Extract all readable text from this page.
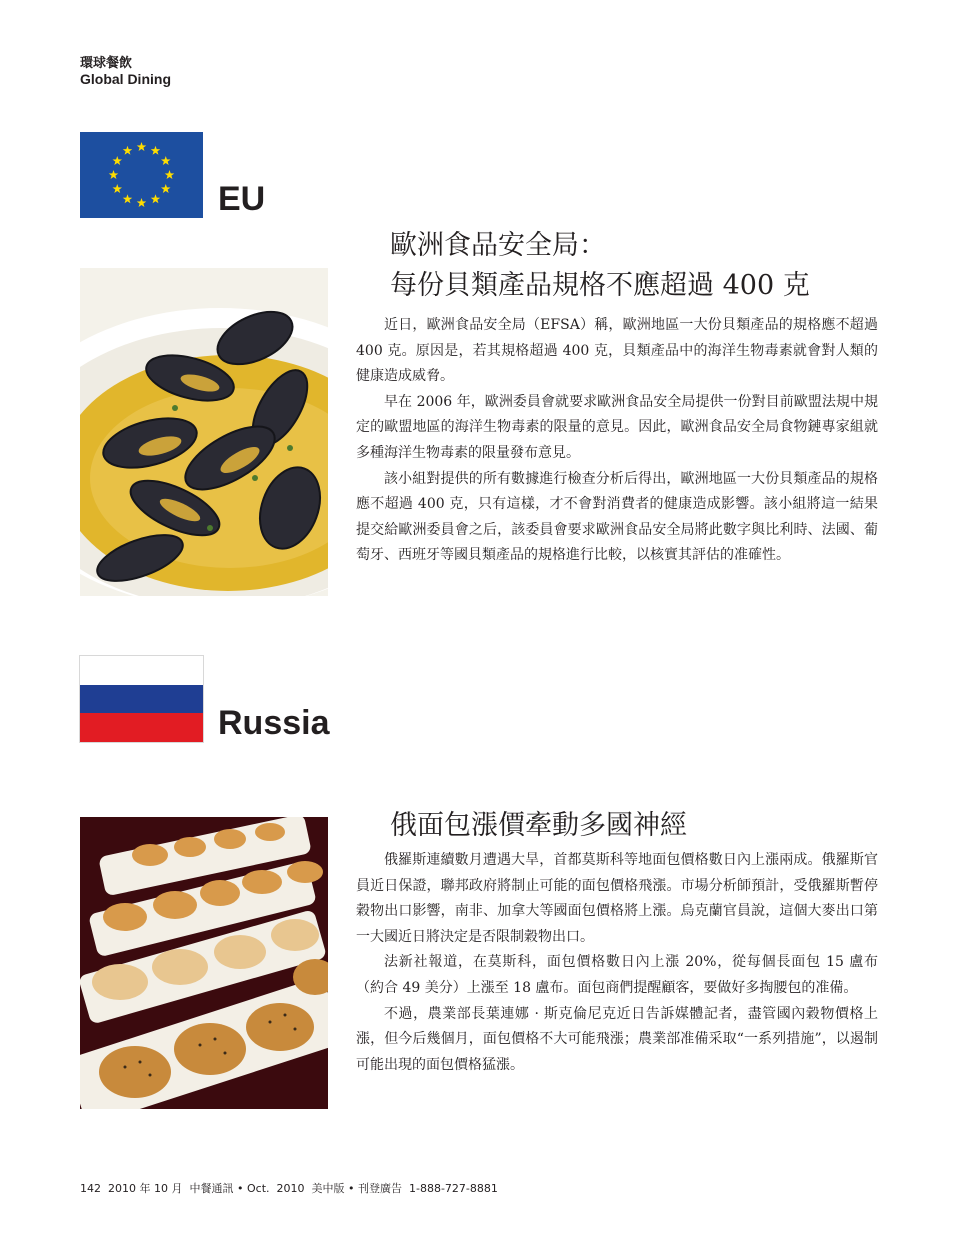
環球餐飲
Global Dining
EU
歐洲食品安全局：
每份貝類產品規格不應超過 400 克

近日，歐洲食品安全局（EFSA）稱，歐洲地區一大份貝類產品的規格應不超過 400 克。原因是，若其規格超過 400 克，貝類產品中的海洋生物毒素就會對人類的健康造成威脅。

早在 2006 年，歐洲委員會就要求歐洲食品安全局提供一份對目前歐盟法規中規定的歐盟地區的海洋生物毒素的限量的意見。因此，歐洲食品安全局食物鏈專家組就多種海洋生物毒素的限量發布意見。

該小組對提供的所有數據進行檢查分析后得出，歐洲地區一大份貝類產品的規格應不超過 400 克，只有這樣，才不會對消費者的健康造成影響。該小組將這一結果提交給歐洲委員會之后，該委員會要求歐洲食品安全局將此數字與比利時、法國、葡萄牙、西班牙等國貝類產品的規格進行比較，以核實其評估的准確性。

Russia
俄面包漲價牽動多國神經

俄羅斯連續數月遭遇大旱，首都莫斯科等地面包價格數日內上漲兩成。俄羅斯官員近日保證，聯邦政府將制止可能的面包價格飛漲。市場分析師預計，受俄羅斯暫停穀物出口影響，南非、加拿大等國面包價格將上漲。烏克蘭官員說，這個大麥出口第一大國近日將決定是否限制穀物出口。

法新社報道，在莫斯科，面包價格數日內上漲 20%，從每個長面包 15 盧布（約合 49 美分）上漲至 18 盧布。面包商們提醒顧客，要做好多掏腰包的准備。

不過，農業部長葉連娜 · 斯克倫尼克近日告訴媒體記者，盡管國內穀物價格上漲，但今后幾個月，面包價格不大可能飛漲；農業部准備采取“一系列措施”，以遏制可能出現的面包價格猛漲。

142 2010 年 10 月 中餐通訊 • Oct.  2010 美中版 • 刊登廣告 1-888-727-8881
